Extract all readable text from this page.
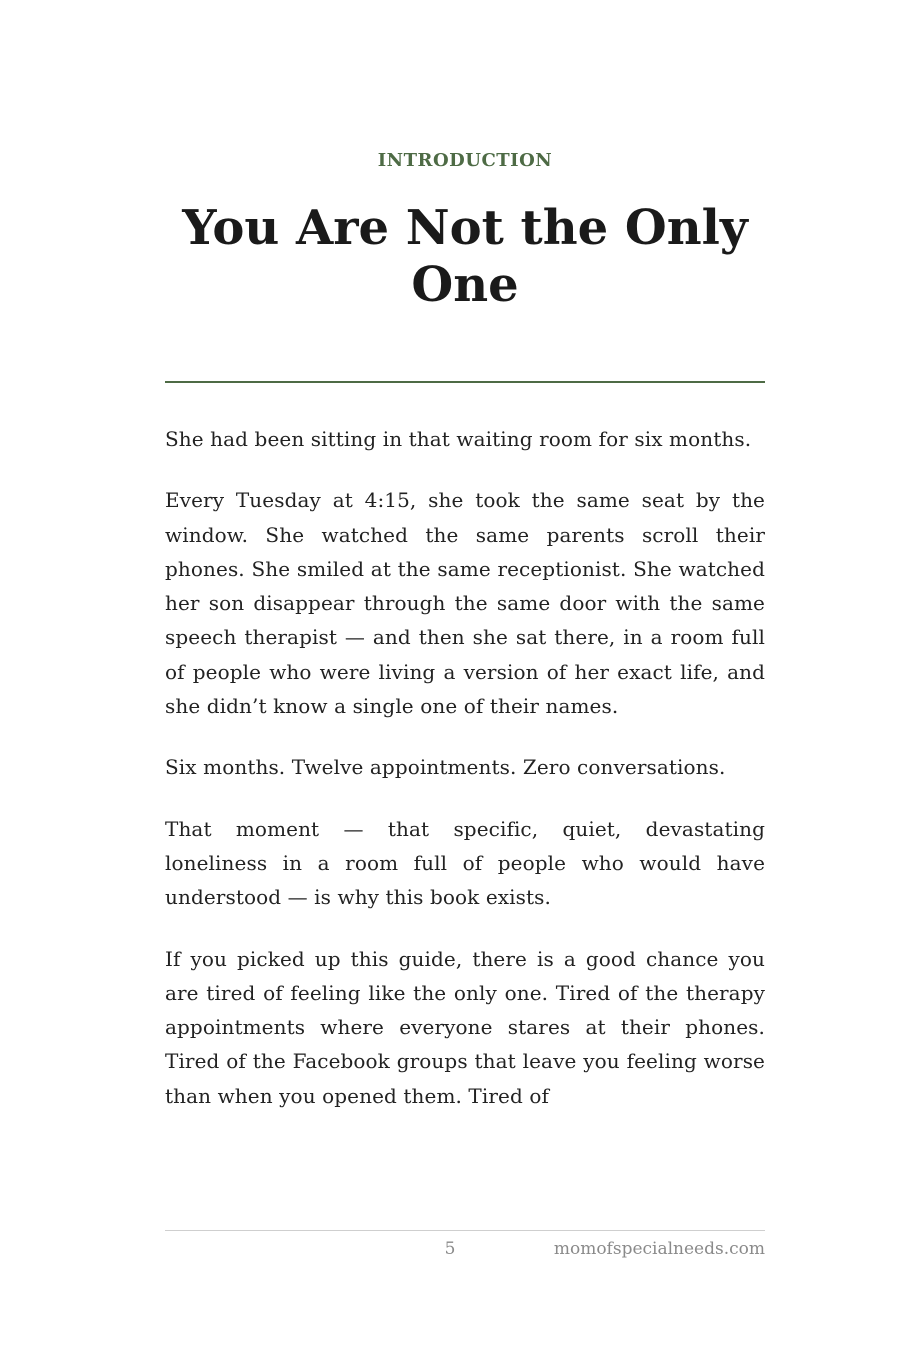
INTRODUCTION
You Are Not the Only One

She had been sitting in that waiting room for six months.

Every Tuesday at 4:15, she took the same seat by the window. She watched the same parents scroll their phones. She smiled at the same receptionist. She watched her son disappear through the same door with the same speech therapist — and then she sat there, in a room full of people who were living a version of her exact life, and she didn’t know a single one of their names.

Six months. Twelve appointments. Zero conversations.

That moment — that specific, quiet, devastating loneliness in a room full of people who would have understood — is why this book exists.

If you picked up this guide, there is a good chance you are tired of feeling like the only one. Tired of the therapy appointments where everyone stares at their phones. Tired of the Facebook groups that leave you feeling worse than when you opened them. Tired of

5	momofspecialneeds.com
